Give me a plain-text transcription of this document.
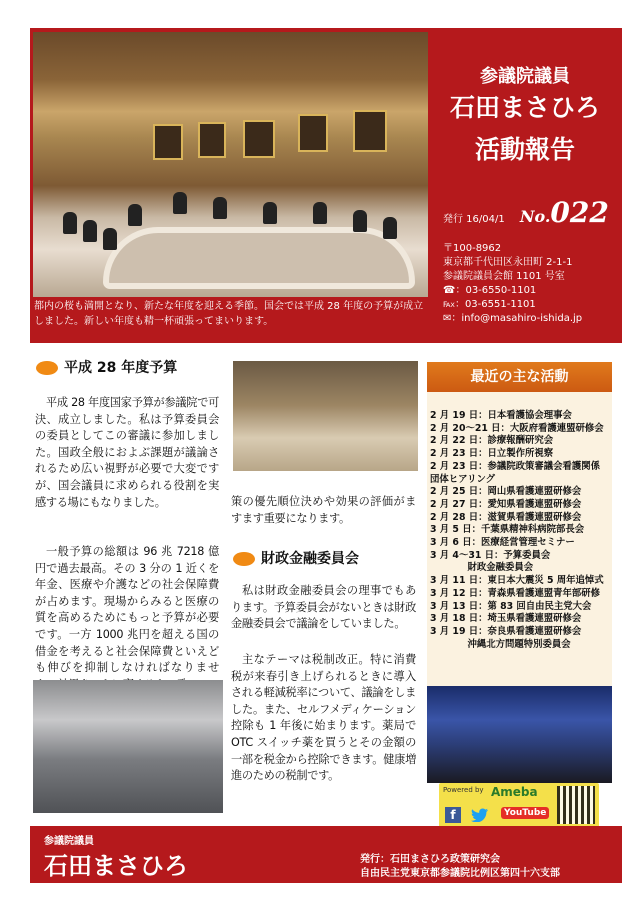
都内の桜も満開となり、新たな年度を迎える季節。国会では平成 28 年度の予算が成立しました。新しい年度も精一杯頑張ってまいります。
参議院議員
石田まさひろ
活動報告
発行 16/04/1 No.022
〒100-8962
東京都千代田区永田町 2-1-1
参議院議員会館 1101 号室
☎：03-6550-1101
℻：03-6551-1101
✉：info@masahiro-ishida.jp
平成 28 年度予算
平成 28 年度国家予算が参議院で可決、成立しました。私は予算委員会の委員としてこの審議に参加しました。国政全般におよぶ課題が議論されるため広い視野が必要で大変ですが、国会議員に求められる役割を実感する場にもなりました。
一般予算の総額は 96 兆 7218 億円で過去最高。その 3 分の 1 近くを年金、医療や介護などの社会保障費が占めます。現場からみると医療の質を高めるためにもっと予算が必要です。一方 1000 兆円を超える国の借金を考えると社会保障費といえども伸びを抑制しなければなりませ
策の優先順位決めや効果の評価がますます重要になります。
財政金融委員会
私は財政金融委員会の理事でもあります。予算委員会がないときは財政金融委員会で議論をしていました。
主なテーマは税制改正。特に消費税が来春引き上げられるときに導入される軽減税率について、議論をしました。また、セルフメディケーション控除も 1 年後に始まります。薬局で OTC スイッチ薬を買うとその金額の一部を税金から控除できます。健康増進のための税制です。
最近の主な活動
2 月 19 日：日本看護協会理事会
2 月 20～21 日：大阪府看護連盟研修会
2 月 22 日：診療報酬研究会
2 月 23 日：日立製作所視察
2 月 23 日：参議院政策審議会看護関係
団体ヒアリング
2 月 25 日：岡山県看護連盟研修会
2 月 27 日：愛知県看護連盟研修会
2 月 28 日：滋賀県看護連盟研修会
3 月 5 日：千葉県精神科病院部長会
3 月 6 日：医療経営管理セミナー
3 月 4～31 日：予算委員会
　　　　財政金融委員会
3 月 11 日：東日本大震災 5 周年追悼式
3 月 12 日：青森県看護連盟青年部研修
3 月 13 日：第 83 回自由民主党大会
3 月 18 日：埼玉県看護連盟研修会
3 月 19 日：奈良県看護連盟研修会
　　　　沖縄北方問題特別委員会
Powered by Ameba
f	YouTube
参議院議員
石田まさひろ	発行：石田まさひろ政策研究会
自由民主党東京都参議院比例区第四十六支部
